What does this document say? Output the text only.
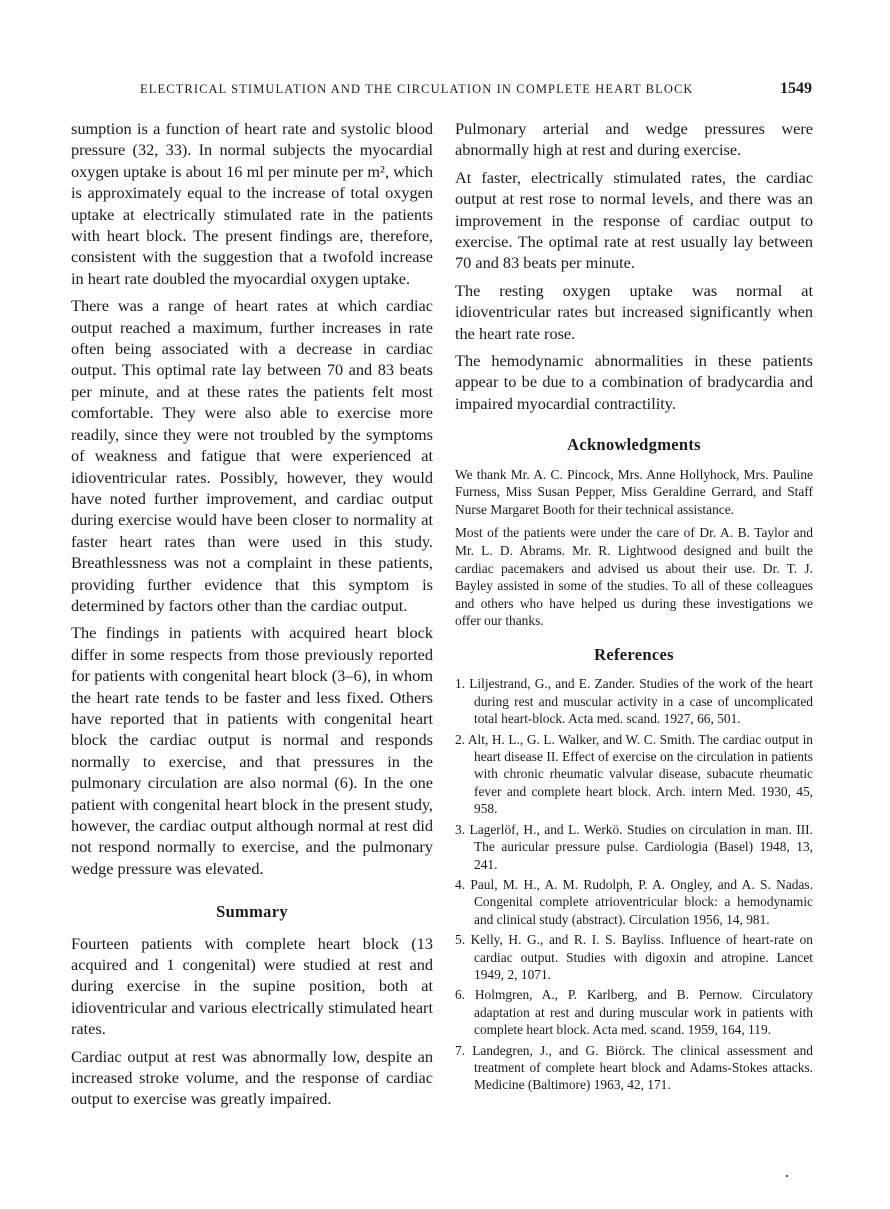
ELECTRICAL STIMULATION AND THE CIRCULATION IN COMPLETE HEART BLOCK	1549

sumption is a function of heart rate and systolic blood pressure (32, 33). In normal subjects the myocardial oxygen uptake is about 16 ml per minute per m², which is approximately equal to the increase of total oxygen uptake at electrically stimulated rate in the patients with heart block. The present findings are, therefore, consistent with the suggestion that a twofold increase in heart rate doubled the myocardial oxygen uptake.

There was a range of heart rates at which cardiac output reached a maximum, further increases in rate often being associated with a decrease in cardiac output. This optimal rate lay between 70 and 83 beats per minute, and at these rates the patients felt most comfortable. They were also able to exercise more readily, since they were not troubled by the symptoms of weakness and fatigue that were experienced at idioventricular rates. Possibly, however, they would have noted further improvement, and cardiac output during exercise would have been closer to normality at faster heart rates than were used in this study. Breathlessness was not a complaint in these patients, providing further evidence that this symptom is determined by factors other than the cardiac output.

The findings in patients with acquired heart block differ in some respects from those previously reported for patients with congenital heart block (3–6), in whom the heart rate tends to be faster and less fixed. Others have reported that in patients with congenital heart block the cardiac output is normal and responds normally to exercise, and that pressures in the pulmonary circulation are also normal (6). In the one patient with congenital heart block in the present study, however, the cardiac output although normal at rest did not respond normally to exercise, and the pulmonary wedge pressure was elevated.

Summary

Fourteen patients with complete heart block (13 acquired and 1 congenital) were studied at rest and during exercise in the supine position, both at idioventricular and various electrically stimulated heart rates.

Cardiac output at rest was abnormally low, despite an increased stroke volume, and the response of cardiac output to exercise was greatly impaired.

Pulmonary arterial and wedge pressures were abnormally high at rest and during exercise.

At faster, electrically stimulated rates, the cardiac output at rest rose to normal levels, and there was an improvement in the response of cardiac output to exercise. The optimal rate at rest usually lay between 70 and 83 beats per minute.

The resting oxygen uptake was normal at idioventricular rates but increased significantly when the heart rate rose.

The hemodynamic abnormalities in these patients appear to be due to a combination of bradycardia and impaired myocardial contractility.

Acknowledgments

We thank Mr. A. C. Pincock, Mrs. Anne Hollyhock, Mrs. Pauline Furness, Miss Susan Pepper, Miss Geraldine Gerrard, and Staff Nurse Margaret Booth for their technical assistance.

Most of the patients were under the care of Dr. A. B. Taylor and Mr. L. D. Abrams. Mr. R. Lightwood designed and built the cardiac pacemakers and advised us about their use. Dr. T. J. Bayley assisted in some of the studies. To all of these colleagues and others who have helped us during these investigations we offer our thanks.

References
1. Liljestrand, G., and E. Zander. Studies of the work of the heart during rest and muscular activity in a case of uncomplicated total heart-block. Acta med. scand. 1927, 66, 501.
2. Alt, H. L., G. L. Walker, and W. C. Smith. The cardiac output in heart disease II. Effect of exercise on the circulation in patients with chronic rheumatic valvular disease, subacute rheumatic fever and complete heart block. Arch. intern Med. 1930, 45, 958.
3. Lagerlöf, H., and L. Werkö. Studies on circulation in man. III. The auricular pressure pulse. Cardiologia (Basel) 1948, 13, 241.
4. Paul, M. H., A. M. Rudolph, P. A. Ongley, and A. S. Nadas. Congenital complete atrioventricular block: a hemodynamic and clinical study (abstract). Circulation 1956, 14, 981.
5. Kelly, H. G., and R. I. S. Bayliss. Influence of heart-rate on cardiac output. Studies with digoxin and atropine. Lancet 1949, 2, 1071.
6. Holmgren, A., P. Karlberg, and B. Pernow. Circulatory adaptation at rest and during muscular work in patients with complete heart block. Acta med. scand. 1959, 164, 119.
7. Landegren, J., and G. Biörck. The clinical assessment and treatment of complete heart block and Adams-Stokes attacks. Medicine (Baltimore) 1963, 42, 171.
